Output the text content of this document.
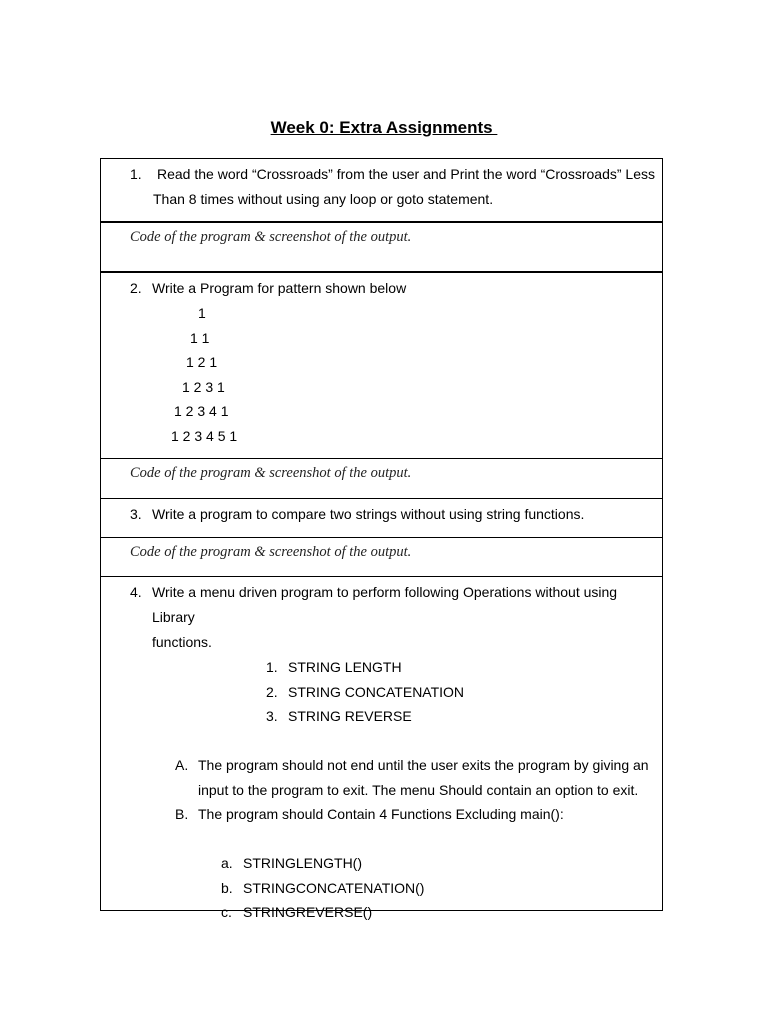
Week 0: Extra Assignments
1. Read the word “Crossroads” from the user and Print the word “Crossroads” Less
Than 8 times without using any loop or goto statement.
Code of the program & screenshot of the output.
2. Write a Program for pattern shown below
1
1 1
1 2 1
1 2 3 1
1 2 3 4 1
1 2 3 4 5 1
Code of the program & screenshot of the output.
3. Write a program to compare two strings without using string functions.
Code of the program & screenshot of the output.
4. Write a menu driven program to perform following Operations without using Library
functions.
1. STRING LENGTH
2. STRING CONCATENATION
3. STRING REVERSE
A. The program should not end until the user exits the program by giving an
input to the program to exit. The menu Should contain an option to exit.
B. The program should Contain 4 Functions Excluding main():
a. STRINGLENGTH()
b. STRINGCONCATENATION()
c. STRINGREVERSE()
